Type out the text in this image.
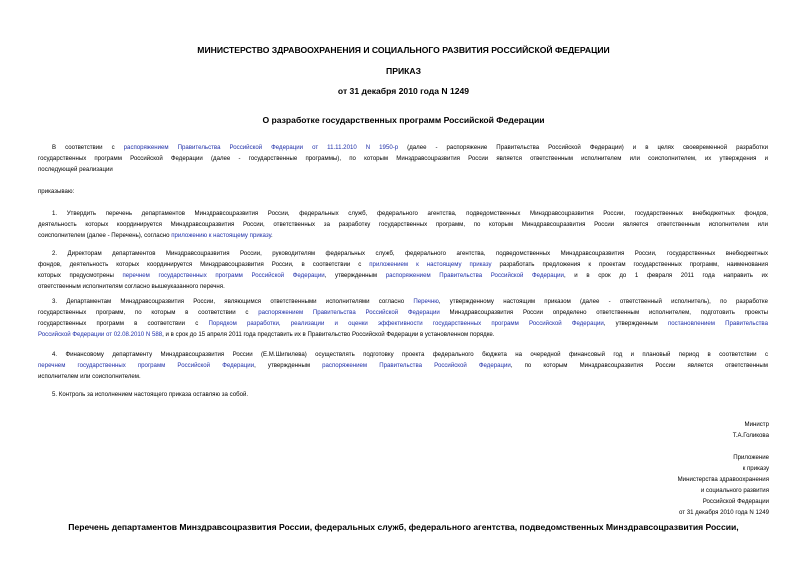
МИНИСТЕРСТВО ЗДРАВООХРАНЕНИЯ И СОЦИАЛЬНОГО РАЗВИТИЯ РОССИЙСКОЙ ФЕДЕРАЦИИ
ПРИКАЗ
от 31 декабря 2010 года N 1249
О разработке государственных программ Российской Федерации
В соответствии с распоряжением Правительства Российской Федерации от 11.11.2010 N 1950-р (далее - распоряжение Правительства Российской Федерации) и в целях своевременной разработки
государственных программ Российской Федерации (далее - государственные программы), по которым Минздравсоцразвития России является ответственным исполнителем или соисполнителем, их утверждения и
последующей реализации
приказываю:
1. Утвердить перечень департаментов Минздравсоцразвития России, федеральных служб, федерального агентства, подведомственных Минздравсоцразвития России, государственных внебюджетных фондов,
деятельность которых координируется Минздравсоцразвития России, ответственных за разработку государственных программ, по которым Минздравсоцразвития России является ответственным исполнителем или
соисполнителем (далее - Перечень), согласно приложению к настоящему приказу.
2. Директорам департаментов Минздравсоцразвития России, руководителям федеральных служб, федерального агентства, подведомственных Минздравсоцразвития России, государственных внебюджетных
фондов, деятельность которых координируется Минздравсоцразвития России, в соответствии с приложением к настоящему приказу разработать предложения к проектам государственных программ, наименования
которых предусмотрены перечнем государственных программ Российской Федерации, утвержденным распоряжением Правительства Российской Федерации, и в срок до 1 февраля 2011 года направить их
ответственным исполнителям согласно вышеуказанного перечня.
3. Департаментам Минздравсоцразвития России, являющимся ответственными исполнителями согласно Перечню, утвержденному настоящим приказом (далее - ответственный исполнитель), по разработке
государственных программ, по которым в соответствии с распоряжением Правительства Российской Федерации Минздравсоцразвития России определено ответственным исполнителем, подготовить проекты
государственных программ в соответствии с Порядком разработки, реализации и оценки эффективности государственных программ Российской Федерации, утвержденным постановлением Правительства
Российской Федерации от 02.08.2010 N 588, и в срок до 15 апреля 2011 года представить их в Правительство Российской Федерации в установленном порядке.
4. Финансовому департаменту Минздравсоцразвития России (Е.М.Шипилева) осуществлять подготовку проекта федерального бюджета на очередной финансовый год и плановый период в соответствии с
перечнем государственных программ Российской Федерации, утвержденным распоряжением Правительства Российской Федерации, по которым Минздравсоцразвития России является ответственным
исполнителем или соисполнителем.
5. Контроль за исполнением настоящего приказа оставляю за собой.
Министр
Т.А.Голикова
Приложение
к приказу
Министерства здравоохранения
и социального развития
Российской Федерации
от 31 декабря 2010 года N 1249
Перечень департаментов Минздравсоцразвития России, федеральных служб, федерального агентства, подведомственных Минздравсоцразвития России,
